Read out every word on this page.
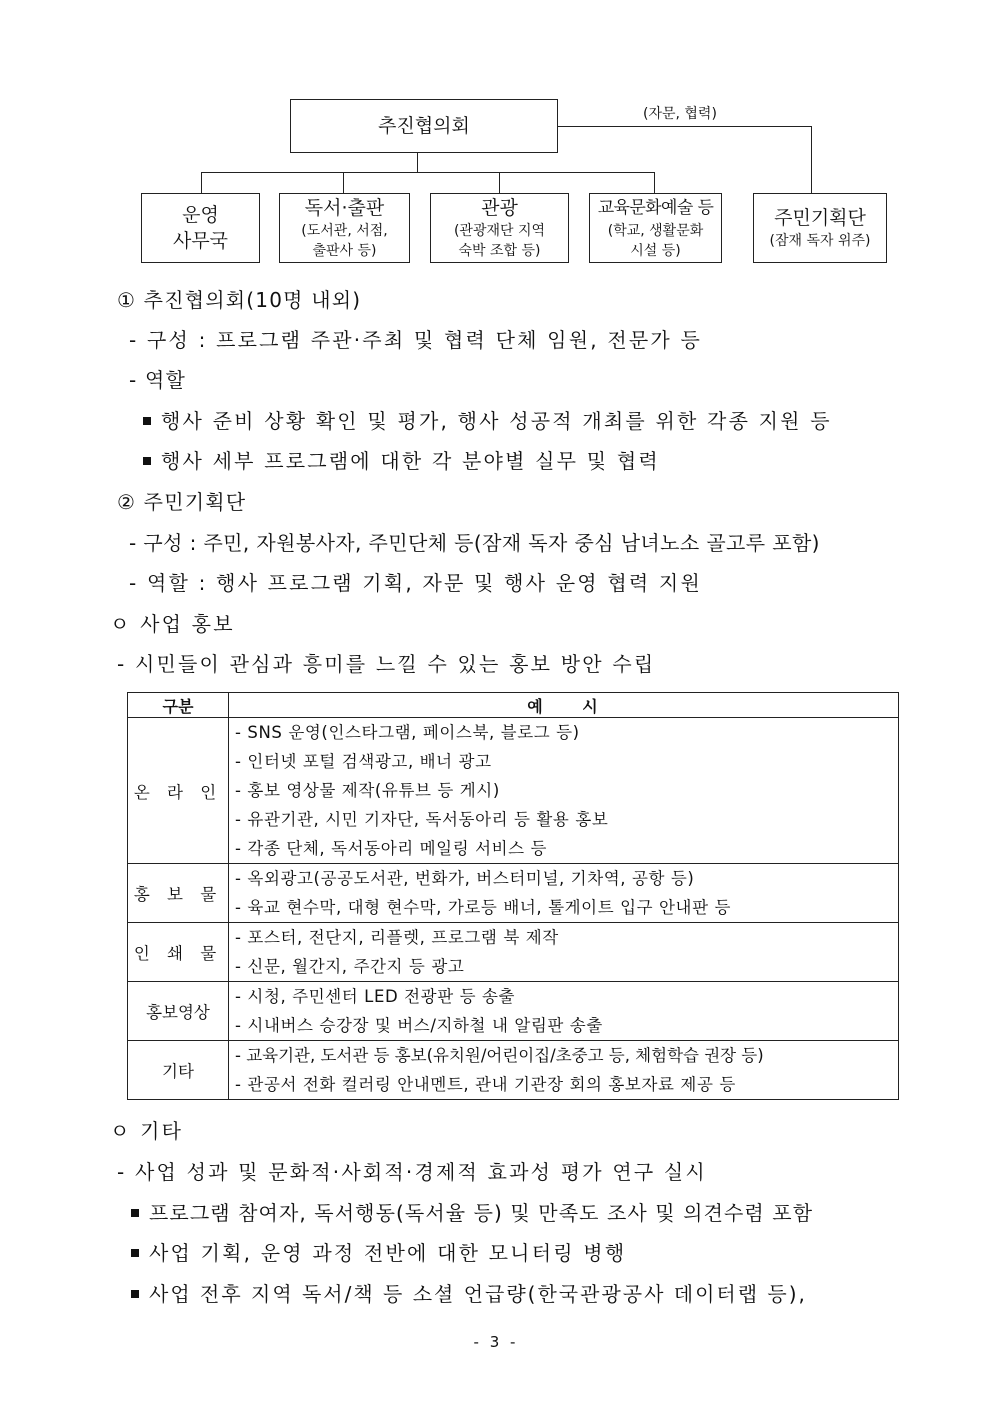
추진협의회
(자문, 협력)
운영
사무국
독서·출판
(도서관, 서점,
출판사 등)
관광
(관광재단 지역
숙박 조합 등)
교육문화예술 등
(학교, 생활문화
시설 등)
주민기획단
(잠재 독자 위주)
① 추진협의회(10명 내외)
- 구성 : 프로그램 주관·주최 및 협력 단체 임원, 전문가 등
- 역할
행사 준비 상황 확인 및 평가, 행사 성공적 개최를 위한 각종 지원 등
행사 세부 프로그램에 대한 각 분야별 실무 및 협력
② 주민기획단
- 구성 : 주민, 자원봉사자, 주민단체 등(잠재 독자 중심 남녀노소 골고루 포함)
- 역할 : 행사 프로그램 기획, 자문 및 행사 운영 협력 지원
ㅇ 사업 홍보
- 시민들이 관심과 흥미를 느낄 수 있는 홍보 방안 수립
구분	예 시
온 라 인	- SNS 운영(인스타그램, 페이스북, 블로그 등)
- 인터넷 포털 검색광고, 배너 광고
- 홍보 영상물 제작(유튜브 등 게시)
- 유관기관, 시민 기자단, 독서동아리 등 활용 홍보
- 각종 단체, 독서동아리 메일링 서비스 등

홍 보 물	- 옥외광고(공공도서관, 번화가, 버스터미널, 기차역, 공항 등)
- 육교 현수막, 대형 현수막, 가로등 배너, 톨게이트 입구 안내판 등

인 쇄 물	- 포스터, 전단지, 리플렛, 프로그램 북 제작
- 신문, 월간지, 주간지 등 광고

홍보영상	- 시청, 주민센터 LED 전광판 등 송출
- 시내버스 승강장 및 버스/지하철 내 알림판 송출

기타	- 교육기관, 도서관 등 홍보(유치원/어린이집/초중고 등, 체험학습 권장 등)
- 관공서 전화 컬러링 안내멘트, 관내 기관장 회의 홍보자료 제공 등
ㅇ 기타
- 사업 성과 및 문화적·사회적·경제적 효과성 평가 연구 실시
프로그램 참여자, 독서행동(독서율 등) 및 만족도 조사 및 의견수렴 포함
사업 기획, 운영 과정 전반에 대한 모니터링 병행
사업 전후 지역 독서/책 등 소셜 언급량(한국관광공사 데이터랩 등),
- 3 -
